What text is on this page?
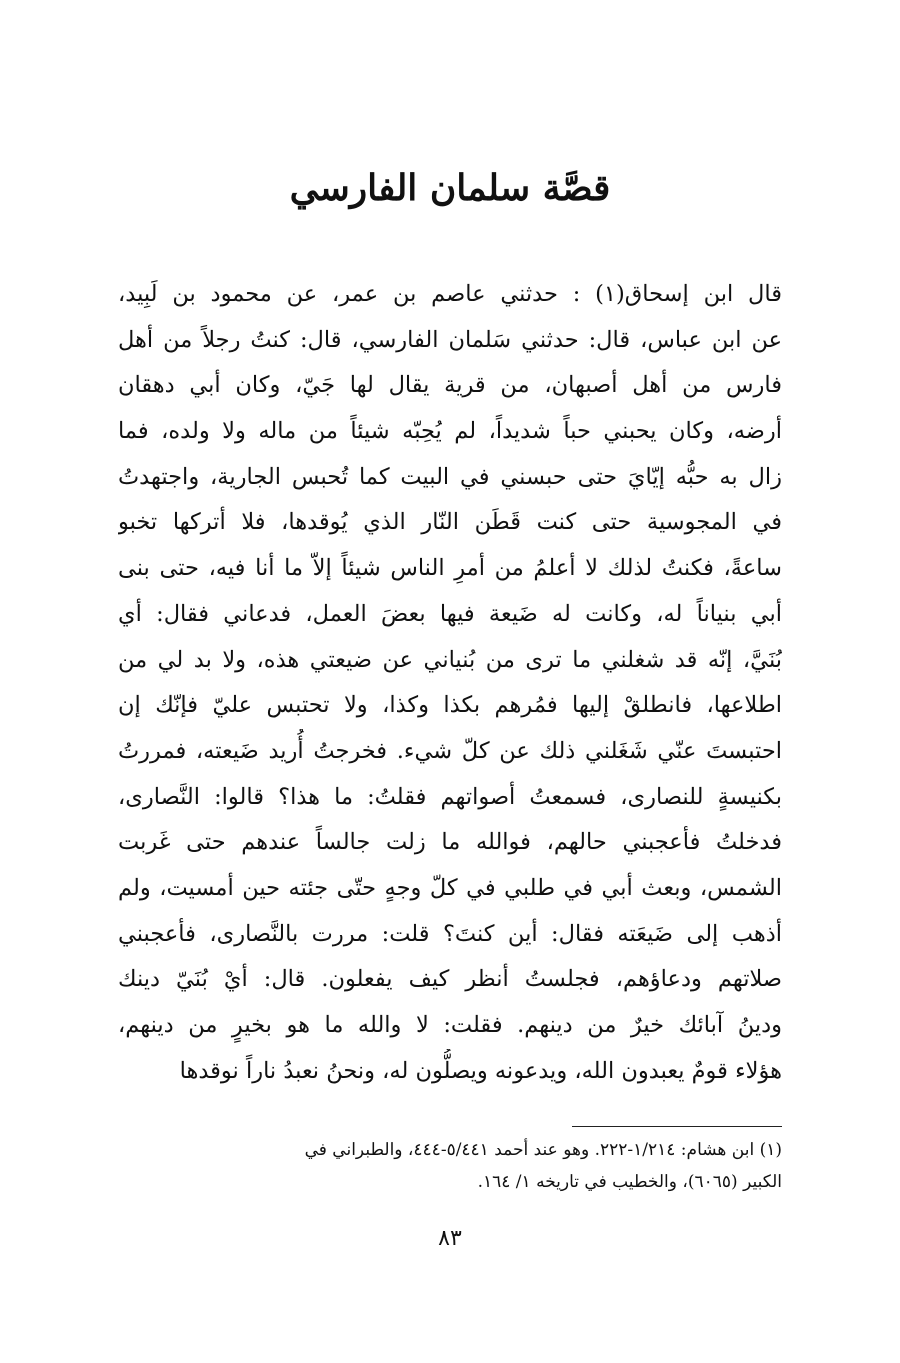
قصَّة سلمان الفارسي
قال ابن إسحاق(١) : حدثني عاصم بن عمر، عن محمود بن لَبِيد،
عن ابن عباس، قال: حدثني سَلمان الفارسي، قال: كنتُ رجلاً من أهل
فارس من أهل أصبهان، من قرية يقال لها جَيّ، وكان أبي دهقان
أرضه، وكان يحبني حباً شديداً، لم يُحِبّه شيئاً من ماله ولا ولده، فما
زال به حبُّه إيّايَ حتى حبسني في البيت كما تُحبس الجارية، واجتهدتُ
في المجوسية حتى كنت قَطَن النّار الذي يُوقدها، فلا أتركها تخبو
ساعةً، فكنتُ لذلك لا أعلمُ من أمرِ الناس شيئاً إلاّ ما أنا فيه، حتى بنى
أبي بنياناً له، وكانت له ضَيعة فيها بعضَ العمل، فدعاني فقال: أي
بُنَيَّ، إنّه قد شغلني ما ترى من بُنياني عن ضيعتي هذه، ولا بد لي من
اطلاعها، فانطلقْ إليها فمُرهم بكذا وكذا، ولا تحتبس عليّ فإنّك إن
احتبستَ عنّي شَغَلني ذلك عن كلّ شيء. فخرجتُ أُريد ضَيعته، فمررتُ
بكنيسةٍ للنصارى، فسمعتُ أصواتهم فقلتُ: ما هذا؟ قالوا: النَّصارى،
فدخلتُ فأعجبني حالهم، فوالله ما زلت جالساً عندهم حتى غَربت
الشمس، وبعث أبي في طلبي في كلّ وجهٍ حتّى جئته حين أمسيت، ولم
أذهب إلى ضَيعَته فقال: أين كنتَ؟ قلت: مررت بالنَّصارى، فأعجبني
صلاتهم ودعاؤهم، فجلستُ أنظر كيف يفعلون. قال: أيْ بُنَيّ دينك
ودينُ آبائك خيرٌ من دينهم. فقلت: لا والله ما هو بخيرٍ من دينهم،
هؤلاء قومٌ يعبدون الله، ويدعونه ويصلُّون له، ونحنُ نعبدُ ناراً نوقدها
(١) ابن هشام: ١/٢١٤-٢٢٢. وهو عند أحمد ٥/٤٤١-٤٤٤، والطبراني في
الكبير (٦٠٦٥)، والخطيب في تاريخه ١/ ١٦٤.
٨٣
